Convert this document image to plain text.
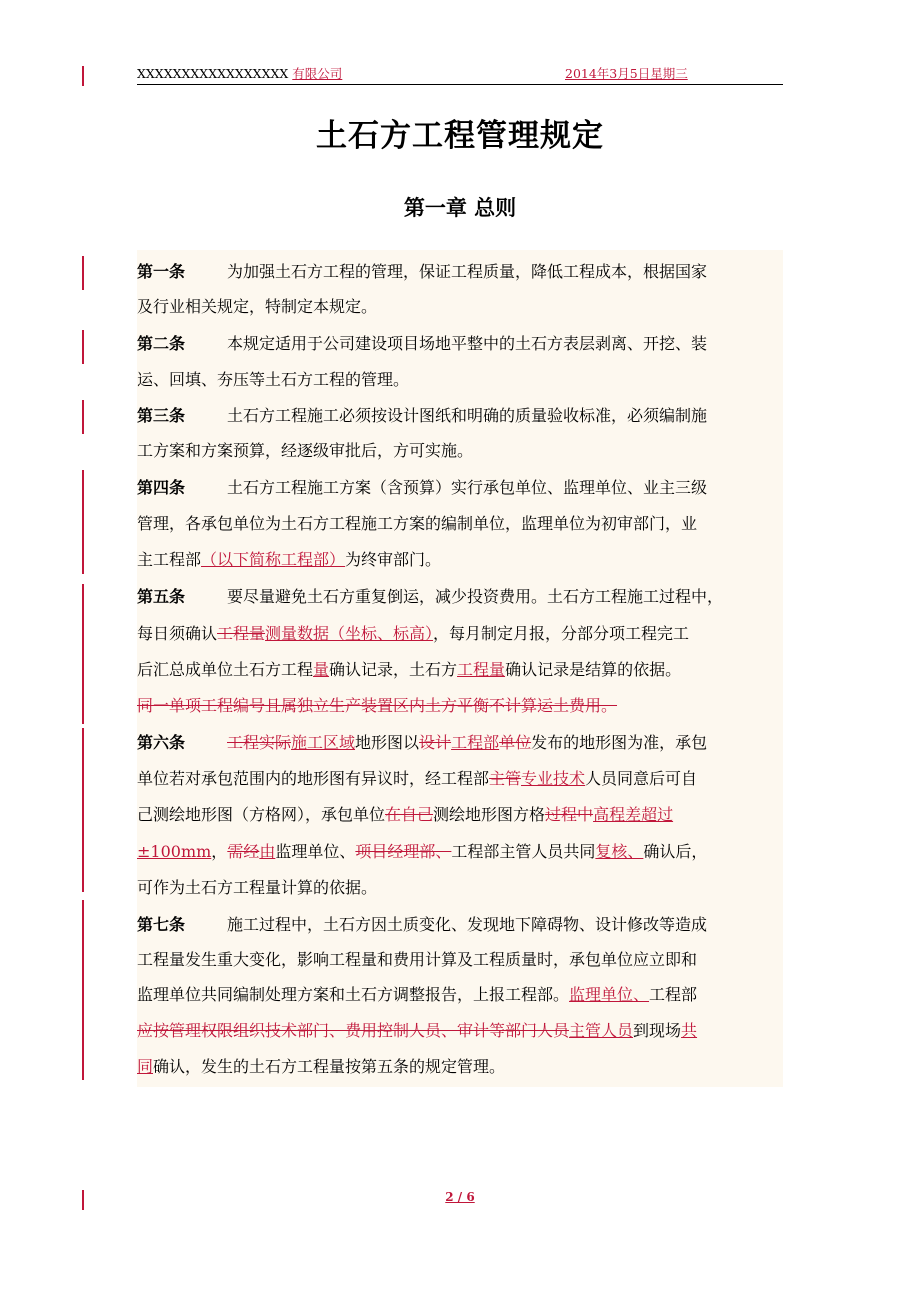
XXXXXXXXXXXXXXXXX 有限公司	2014年3月5日星期三
土石方工程管理规定
第一章 总则
第一条	为加强土石方工程的管理，保证工程质量，降低工程成本，根据国家
及行业相关规定，特制定本规定。
第二条	本规定适用于公司建设项目场地平整中的土石方表层剥离、开挖、装
运、回填、夯压等土石方工程的管理。
第三条	土石方工程施工必须按设计图纸和明确的质量验收标准，必须编制施
工方案和方案预算，经逐级审批后，方可实施。
第四条	土石方工程施工方案（含预算）实行承包单位、监理单位、业主三级
管理，各承包单位为土石方工程施工方案的编制单位，监理单位为初审部门，业
主工程部（以下简称工程部）为终审部门。
第五条	要尽量避免土石方重复倒运，减少投资费用。土石方工程施工过程中，
每日须确认工程量测量数据（坐标、标高），每月制定月报，分部分项工程完工
后汇总成单位土石方工程量确认记录，土石方工程量确认记录是结算的依据。
同一单项工程编号且属独立生产装置区内土方平衡不计算运土费用。
第六条	工程实际施工区域地形图以设计工程部单位发布的地形图为准，承包
单位若对承包范围内的地形图有异议时，经工程部主管专业技术人员同意后可自
己测绘地形图（方格网），承包单位在自己测绘地形图方格过程中高程差超过
±100mm，需经由监理单位、项目经理部、工程部主管人员共同复核、确认后，
可作为土石方工程量计算的依据。
第七条	施工过程中，土石方因土质变化、发现地下障碍物、设计修改等造成
工程量发生重大变化，影响工程量和费用计算及工程质量时，承包单位应立即和
监理单位共同编制处理方案和土石方调整报告，上报工程部。监理单位、工程部
应按管理权限组织技术部门、费用控制人员、审计等部门人员主管人员到现场共
同确认，发生的土石方工程量按第五条的规定管理。
2 / 6
